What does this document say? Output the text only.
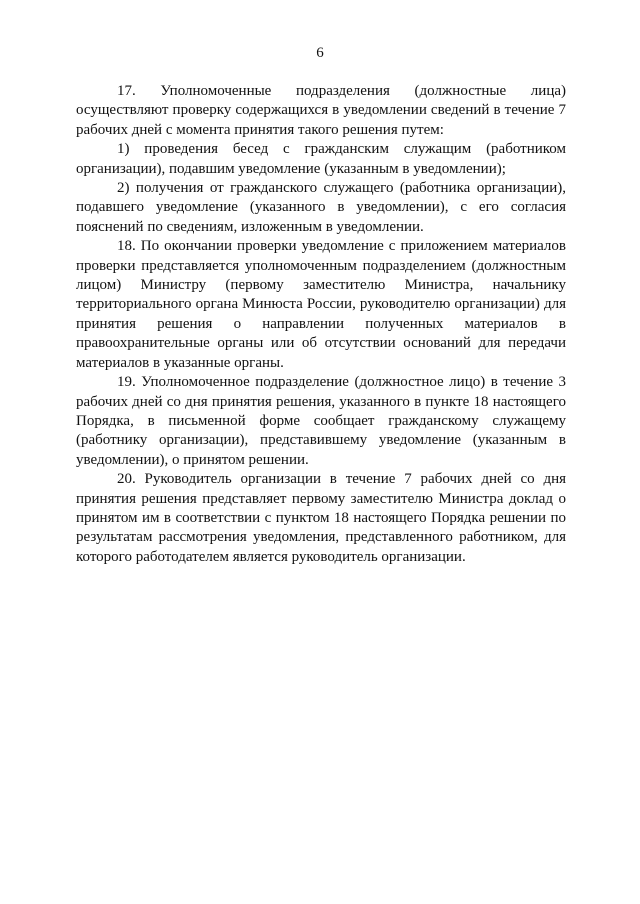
6

17. Уполномоченные подразделения (должностные лица) осуществляют проверку содержащихся в уведомлении сведений в течение 7 рабочих дней с момента принятия такого решения путем:

1) проведения бесед с гражданским служащим (работником организации), подавшим уведомление (указанным в уведомлении);

2) получения от гражданского служащего (работника организации), подавшего уведомление (указанного в уведомлении), с его согласия пояснений по сведениям, изложенным в уведомлении.

18. По окончании проверки уведомление с приложением материалов проверки представляется уполномоченным подразделением (должностным лицом) Министру (первому заместителю Министра, начальнику территориального органа Минюста России, руководителю организации) для принятия решения о направлении полученных материалов в правоохранительные органы или об отсутствии оснований для передачи материалов в указанные органы.

19. Уполномоченное подразделение (должностное лицо) в течение 3 рабочих дней со дня принятия решения, указанного в пункте 18 настоящего Порядка, в письменной форме сообщает гражданскому служащему (работнику организации), представившему уведомление (указанным в уведомлении), о принятом решении.

20. Руководитель организации в течение 7 рабочих дней со дня принятия решения представляет первому заместителю Министра доклад о принятом им в соответствии с пунктом 18 настоящего Порядка решении по результатам рассмотрения уведомления, представленного работником, для которого работодателем является руководитель организации.
